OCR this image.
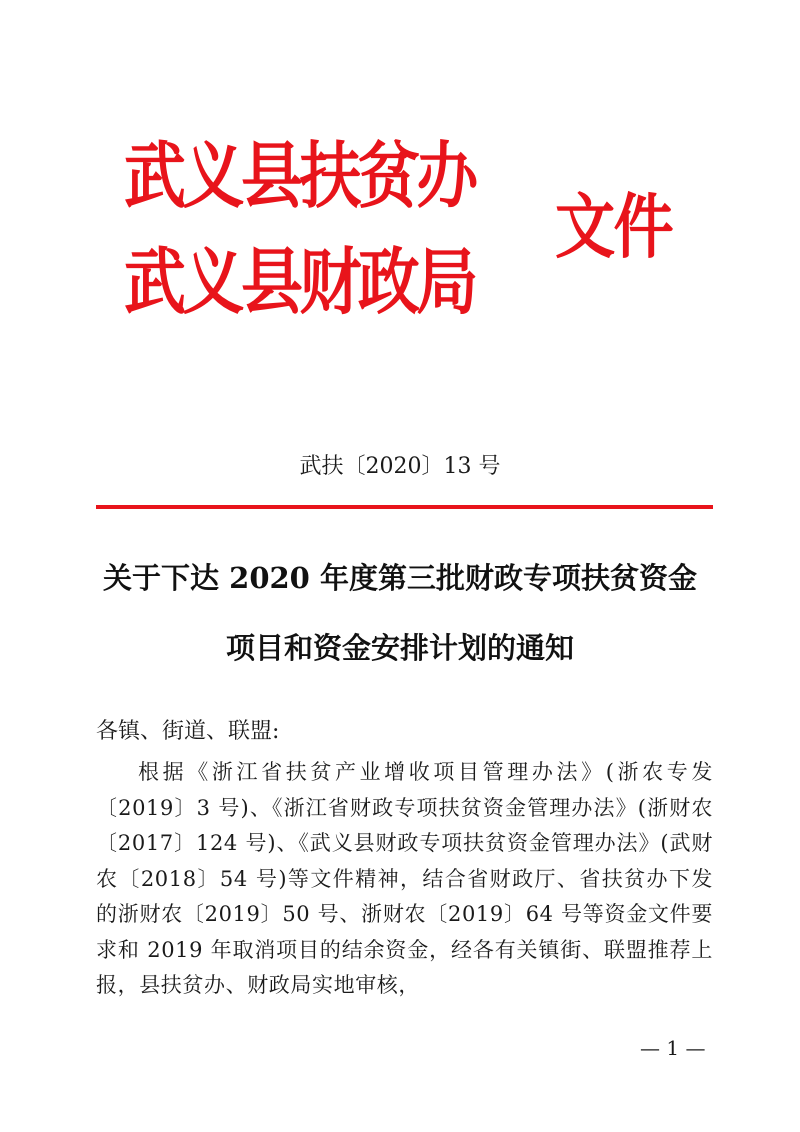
武义县扶贫办
武义县财政局
文件
武扶〔2020〕13 号
关于下达 2020 年度第三批财政专项扶贫资金
项目和资金安排计划的通知
各镇、街道、联盟:
根据《浙江省扶贫产业增收项目管理办法》(浙农专发〔2019〕3 号)、《浙江省财政专项扶贫资金管理办法》(浙财农〔2017〕124 号)、《武义县财政专项扶贫资金管理办法》(武财农〔2018〕54 号)等文件精神，结合省财政厅、省扶贫办下发的浙财农〔2019〕50 号、浙财农〔2019〕64 号等资金文件要求和 2019 年取消项目的结余资金，经各有关镇街、联盟推荐上报，县扶贫办、财政局实地审核，
— 1 —
